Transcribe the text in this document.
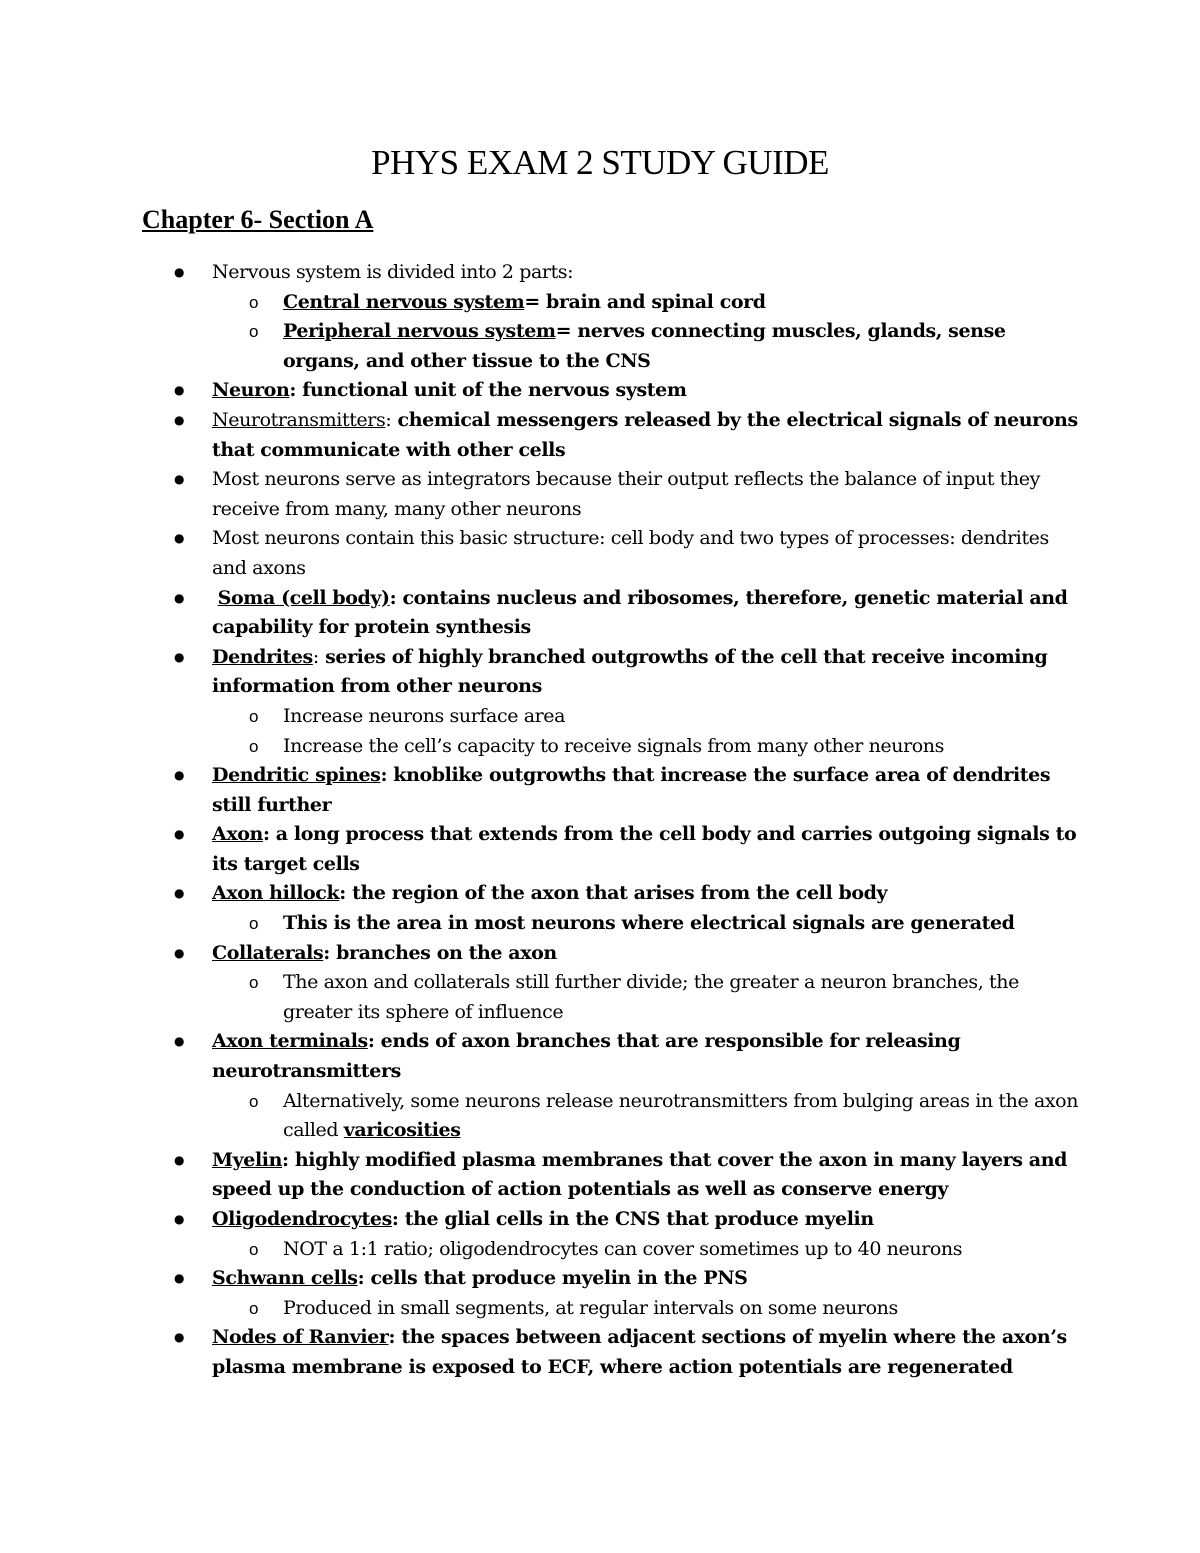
PHYS EXAM 2 STUDY GUIDE
Chapter 6- Section A
● Nervous system is divided into 2 parts:
o Central nervous system= brain and spinal cord
o Peripheral nervous system= nerves connecting muscles, glands, sense organs, and other tissue to the CNS
● Neuron: functional unit of the nervous system
● Neurotransmitters: chemical messengers released by the electrical signals of neurons that communicate with other cells
● Most neurons serve as integrators because their output reflects the balance of input they receive from many, many other neurons
● Most neurons contain this basic structure: cell body and two types of processes: dendrites and axons
● Soma (cell body): contains nucleus and ribosomes, therefore, genetic material and capability for protein synthesis
● Dendrites: series of highly branched outgrowths of the cell that receive incoming information from other neurons
o Increase neurons surface area
o Increase the cell’s capacity to receive signals from many other neurons
● Dendritic spines: knoblike outgrowths that increase the surface area of dendrites still further
● Axon: a long process that extends from the cell body and carries outgoing signals to its target cells
● Axon hillock: the region of the axon that arises from the cell body
o This is the area in most neurons where electrical signals are generated
● Collaterals: branches on the axon
o The axon and collaterals still further divide; the greater a neuron branches, the greater its sphere of influence
● Axon terminals: ends of axon branches that are responsible for releasing neurotransmitters
o Alternatively, some neurons release neurotransmitters from bulging areas in the axon called varicosities
● Myelin: highly modified plasma membranes that cover the axon in many layers and speed up the conduction of action potentials as well as conserve energy
● Oligodendrocytes: the glial cells in the CNS that produce myelin
o NOT a 1:1 ratio; oligodendrocytes can cover sometimes up to 40 neurons
● Schwann cells: cells that produce myelin in the PNS
o Produced in small segments, at regular intervals on some neurons
● Nodes of Ranvier: the spaces between adjacent sections of myelin where the axon’s plasma membrane is exposed to ECF, where action potentials are regenerated
